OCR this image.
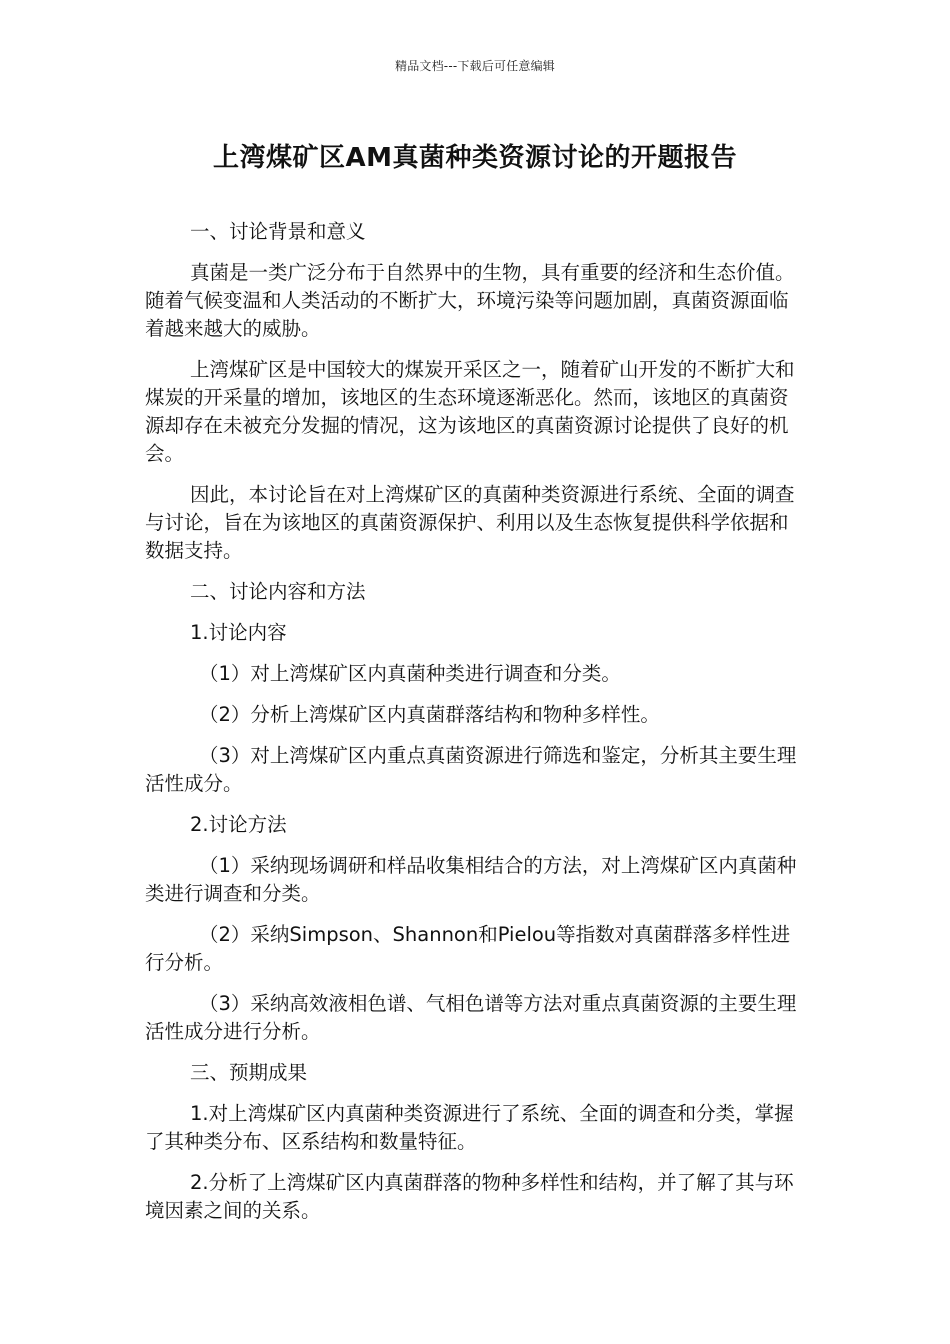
精品文档---下载后可任意编辑
上湾煤矿区AM真菌种类资源讨论的开题报告

一、讨论背景和意义

真菌是一类广泛分布于自然界中的生物，具有重要的经济和生态价值。随着气候变温和人类活动的不断扩大，环境污染等问题加剧，真菌资源面临着越来越大的威胁。

上湾煤矿区是中国较大的煤炭开采区之一，随着矿山开发的不断扩大和煤炭的开采量的增加，该地区的生态环境逐渐恶化。然而，该地区的真菌资源却存在未被充分发掘的情况，这为该地区的真菌资源讨论提供了良好的机会。

因此，本讨论旨在对上湾煤矿区的真菌种类资源进行系统、全面的调查与讨论，旨在为该地区的真菌资源保护、利用以及生态恢复提供科学依据和数据支持。

二、讨论内容和方法

1.讨论内容

（1）对上湾煤矿区内真菌种类进行调查和分类。

（2）分析上湾煤矿区内真菌群落结构和物种多样性。

（3）对上湾煤矿区内重点真菌资源进行筛选和鉴定，分析其主要生理活性成分。

2.讨论方法

（1）采纳现场调研和样品收集相结合的方法，对上湾煤矿区内真菌种类进行调查和分类。

（2）采纳Simpson、Shannon和Pielou等指数对真菌群落多样性进行分析。

（3）采纳高效液相色谱、气相色谱等方法对重点真菌资源的主要生理活性成分进行分析。

三、预期成果

1.对上湾煤矿区内真菌种类资源进行了系统、全面的调查和分类，掌握了其种类分布、区系结构和数量特征。

2.分析了上湾煤矿区内真菌群落的物种多样性和结构，并了解了其与环境因素之间的关系。
